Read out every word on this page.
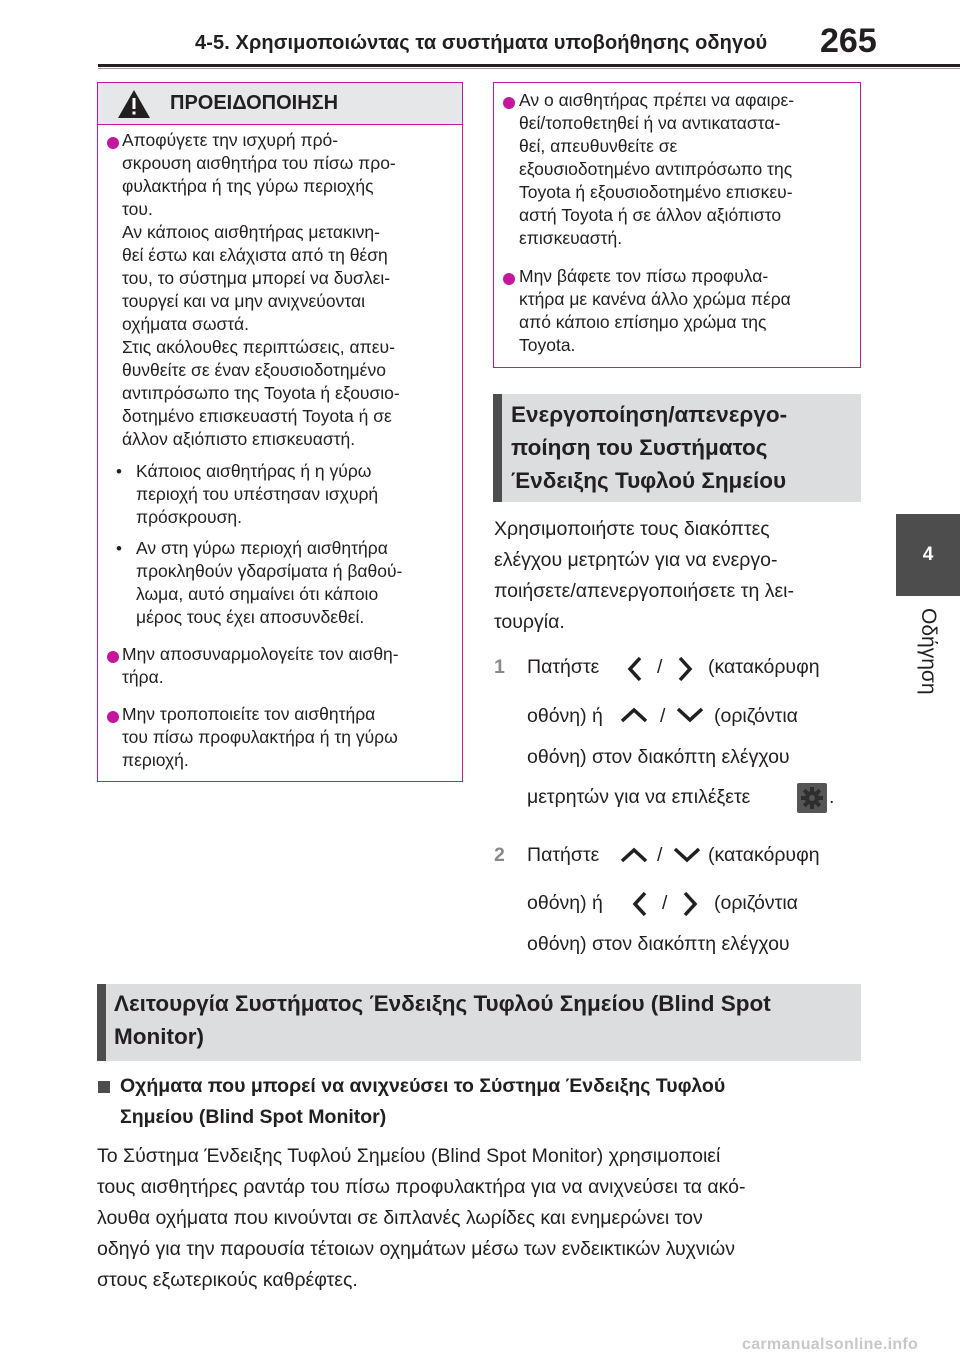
4-5. Χρησιμοποιώντας τα συστήματα υποβοήθησης οδηγού 265
4
Οδήγηση
ΠΡΟΕΙΔΟΠΟΙΗΣΗ
Αποφύγετε την ισχυρή πρό-
σκρουση αισθητήρα του πίσω προ-
φυλακτήρα ή της γύρω περιοχής
του.
Αν κάποιος αισθητήρας μετακινη-
θεί έστω και ελάχιστα από τη θέση
του, το σύστημα μπορεί να δυσλει-
τουργεί και να μην ανιχνεύονται
οχήματα σωστά.
Στις ακόλουθες περιπτώσεις, απευ-
θυνθείτε σε έναν εξουσιοδοτημένο
αντιπρόσωπο της Toyota ή εξουσιο-
δοτημένο επισκευαστή Toyota ή σε
άλλον αξιόπιστο επισκευαστή.
• Κάποιος αισθητήρας ή η γύρω
περιοχή του υπέστησαν ισχυρή
πρόσκρουση.
• Αν στη γύρω περιοχή αισθητήρα
προκληθούν γδαρσίματα ή βαθού-
λωμα, αυτό σημαίνει ότι κάποιο
μέρος τους έχει αποσυνδεθεί.
Μην αποσυναρμολογείτε τον αισθη-
τήρα.
Μην τροποποιείτε τον αισθητήρα
του πίσω προφυλακτήρα ή τη γύρω
περιοχή.
Αν ο αισθητήρας πρέπει να αφαιρε-
θεί/τοποθετηθεί ή να αντικαταστα-
θεί, απευθυνθείτε σε
εξουσιοδοτημένο αντιπρόσωπο της
Toyota ή εξουσιοδοτημένο επισκευ-
αστή Toyota ή σε άλλον αξιόπιστο
επισκευαστή.
Μην βάφετε τον πίσω προφυλα-
κτήρα με κανένα άλλο χρώμα πέρα
από κάποιο επίσημο χρώμα της
Toyota.
Ενεργοποίηση/απενεργο-
ποίηση του Συστήματος
Ένδειξης Τυφλού Σημείου
Χρησιμοποιήστε τους διακόπτες
ελέγχου μετρητών για να ενεργο-
ποιήσετε/απενεργοποιήσετε τη λει-
τουργία.
1 Πατήστε	/ (κατακόρυφη
οθόνη) ή	/ (οριζόντια
οθόνη) στον διακόπτη ελέγχου
μετρητών για να επιλέξετε	.
2 Πατήστε	/ (κατακόρυφη
οθόνη) ή	/ (οριζόντια
οθόνη) στον διακόπτη ελέγχου
Λειτουργία Συστήματος Ένδειξης Τυφλού Σημείου (Blind Spot
Monitor)
Οχήματα που μπορεί να ανιχνεύσει το Σύστημα Ένδειξης Τυφλού
Σημείου (Blind Spot Monitor)
Το Σύστημα Ένδειξης Τυφλού Σημείου (Blind Spot Monitor) χρησιμοποιεί
τους αισθητήρες ραντάρ του πίσω προφυλακτήρα για να ανιχνεύσει τα ακό-
λουθα οχήματα που κινούνται σε διπλανές λωρίδες και ενημερώνει τον
οδηγό για την παρουσία τέτοιων οχημάτων μέσω των ενδεικτικών λυχνιών
στους εξωτερικούς καθρέφτες.
carmanualsonline.info
